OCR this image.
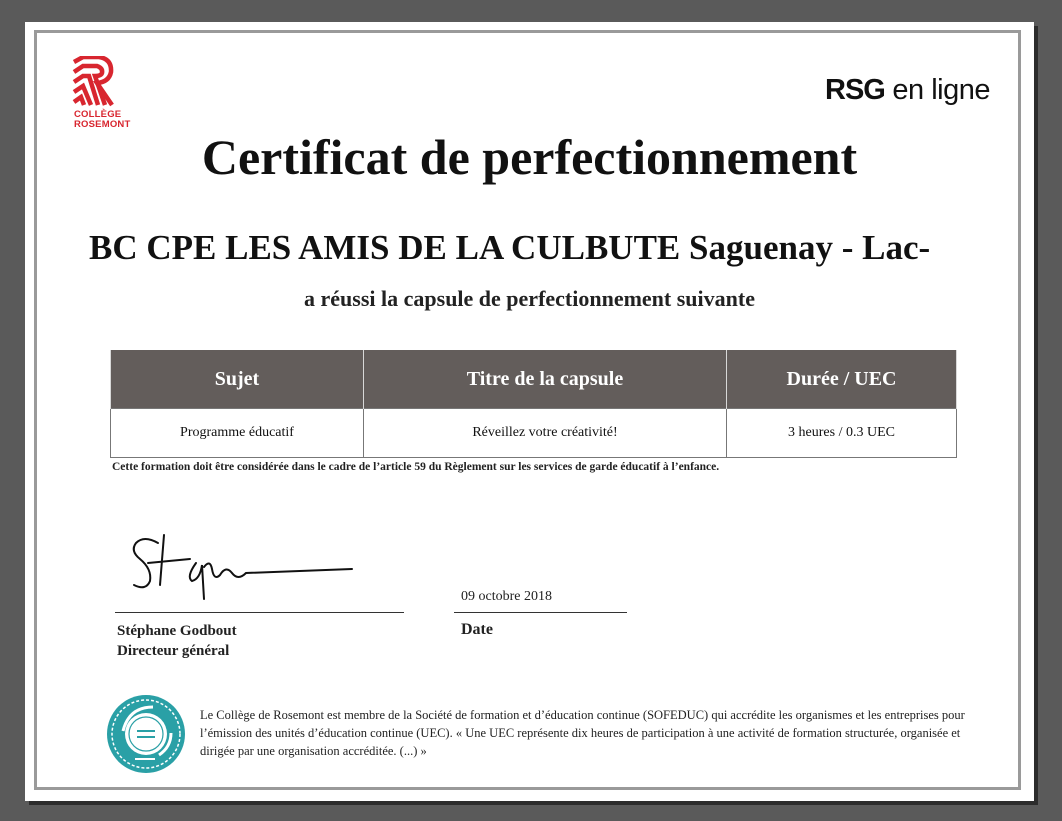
COLLÈGE
ROSEMONT
RSG en ligne
Certificat de perfectionnement
BC CPE LES AMIS DE LA CULBUTE Saguenay - Lac-
a réussi la capsule de perfectionnement suivante
Sujet	Titre de la capsule	Durée / UEC
Programme éducatif	Réveillez votre créativité!	3 heures / 0.3 UEC
Cette formation doit être considérée dans le cadre de l’article 59 du Règlement sur les services de garde éducatif à l’enfance.
Stéphane Godbout
Directeur général
09 octobre 2018
Date
Le Collège de Rosemont est membre de la Société de formation et d’éducation continue (SOFEDUC) qui accrédite les organismes et les entreprises pour l’émission des unités d’éducation continue (UEC). « Une UEC représente dix heures de participation à une activité de formation structurée, organisée et dirigée par une organisation accréditée. (...) »
